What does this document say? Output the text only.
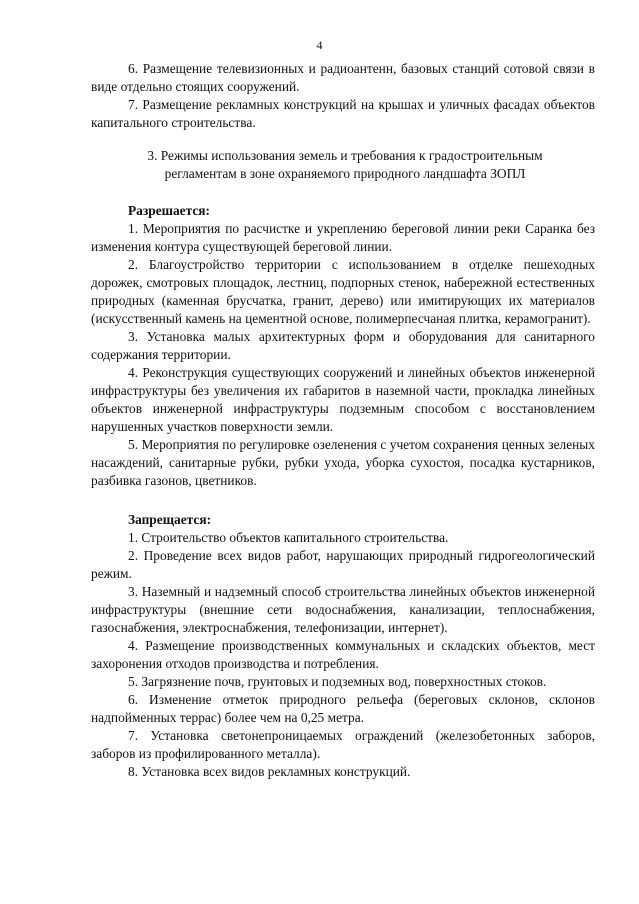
4

6. Размещение телевизионных и радиоантенн, базовых станций сотовой связи в виде отдельно стоящих сооружений.

7. Размещение рекламных конструкций на крышах и уличных фасадах объектов капитального строительства.

3. Режимы использования земель и требования к градостроительным регламентам в зоне охраняемого природного ландшафта ЗОПЛ

Разрешается:

1. Мероприятия по расчистке и укреплению береговой линии реки Саранка без изменения контура существующей береговой линии.

2. Благоустройство территории с использованием в отделке пешеходных дорожек, смотровых площадок, лестниц, подпорных стенок, набережной естественных природных (каменная брусчатка, гранит, дерево) или имитирующих их материалов (искусственный камень на цементной основе, полимерпесчаная плитка, керамогранит).

3. Установка малых архитектурных форм и оборудования для санитарного содержания территории.

4. Реконструкция существующих сооружений и линейных объектов инженерной инфраструктуры без увеличения их габаритов в наземной части, прокладка линейных объектов инженерной инфраструктуры подземным способом с восстановлением нарушенных участков поверхности земли.

5. Мероприятия по регулировке озеленения с учетом сохранения ценных зеленых насаждений, санитарные рубки, рубки ухода, уборка сухостоя, посадка кустарников, разбивка газонов, цветников.

Запрещается:

1. Строительство объектов капитального строительства.

2. Проведение всех видов работ, нарушающих природный гидрогеологический режим.

3. Наземный и надземный способ строительства линейных объектов инженерной инфраструктуры (внешние сети водоснабжения, канализации, теплоснабжения, газоснабжения, электроснабжения, телефонизации, интернет).

4. Размещение производственных коммунальных и складских объектов, мест захоронения отходов производства и потребления.

5. Загрязнение почв, грунтовых и подземных вод, поверхностных стоков.

6. Изменение отметок природного рельефа (береговых склонов, склонов надпойменных террас) более чем на 0,25 метра.

7. Установка светонепроницаемых ограждений (железобетонных заборов, заборов из профилированного металла).

8. Установка всех видов рекламных конструкций.
